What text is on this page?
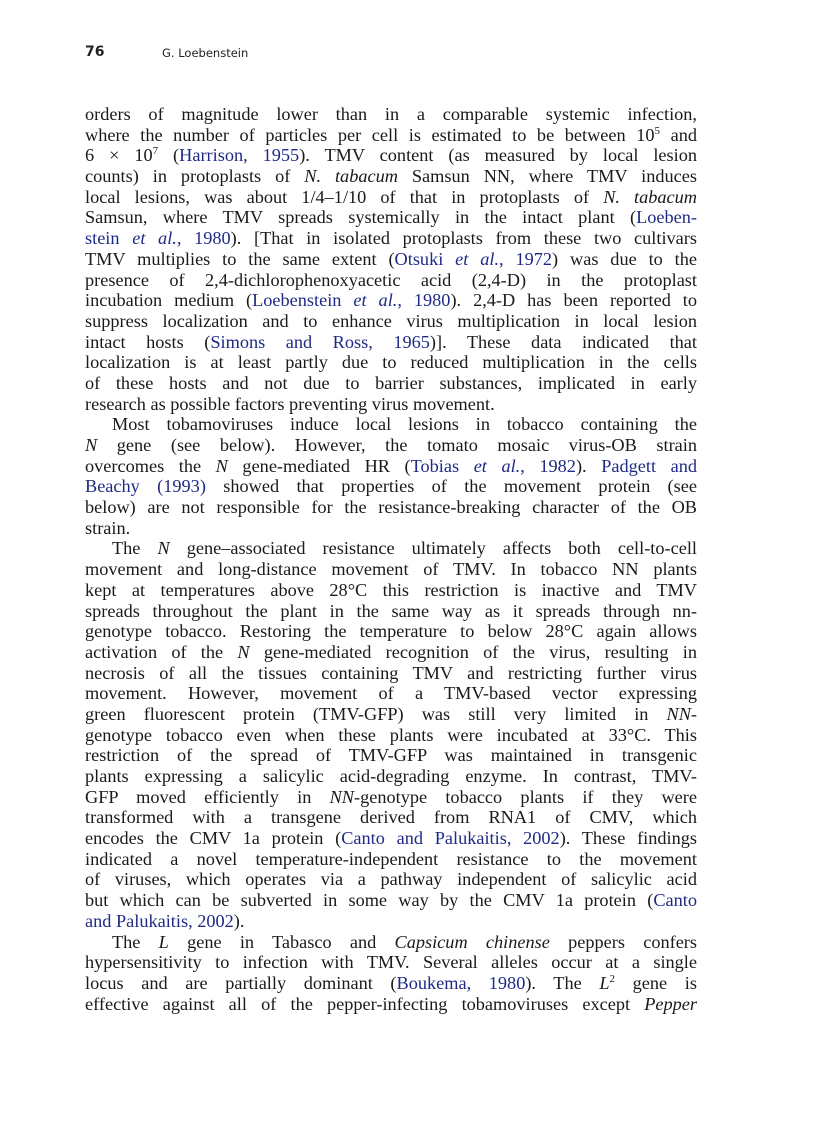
76	G. Loebenstein
orders of magnitude lower than in a comparable systemic infection,
where the number of particles per cell is estimated to be between $10^5$ and
$6 \times 10^7$ (Harrison, 1955). TMV content (as measured by local lesion
counts) in protoplasts of N. tabacum Samsun NN, where TMV induces
local lesions, was about 1/4–1/10 of that in protoplasts of N. tabacum
Samsun, where TMV spreads systemically in the intact plant (Loeben-
stein et al., 1980). [That in isolated protoplasts from these two cultivars
TMV multiplies to the same extent (Otsuki et al., 1972) was due to the
presence of 2,4-dichlorophenoxyacetic acid (2,4-D) in the protoplast
incubation medium (Loebenstein et al., 1980). 2,4-D has been reported to
suppress localization and to enhance virus multiplication in local lesion
intact hosts (Simons and Ross, 1965)]. These data indicated that
localization is at least partly due to reduced multiplication in the cells
of these hosts and not due to barrier substances, implicated in early
research as possible factors preventing virus movement.
Most tobamoviruses induce local lesions in tobacco containing the
N gene (see below). However, the tomato mosaic virus-OB strain
overcomes the N gene-mediated HR (Tobias et al., 1982). Padgett and
Beachy (1993) showed that properties of the movement protein (see
below) are not responsible for the resistance-breaking character of the OB
strain.
The N gene–associated resistance ultimately affects both cell-to-cell
movement and long-distance movement of TMV. In tobacco NN plants
kept at temperatures above 28°C this restriction is inactive and TMV
spreads throughout the plant in the same way as it spreads through nn-
genotype tobacco. Restoring the temperature to below 28°C again allows
activation of the N gene-mediated recognition of the virus, resulting in
necrosis of all the tissues containing TMV and restricting further virus
movement. However, movement of a TMV-based vector expressing
green fluorescent protein (TMV-GFP) was still very limited in NN-
genotype tobacco even when these plants were incubated at 33°C. This
restriction of the spread of TMV-GFP was maintained in transgenic
plants expressing a salicylic acid-degrading enzyme. In contrast, TMV-
GFP moved efficiently in NN-genotype tobacco plants if they were
transformed with a transgene derived from RNA1 of CMV, which
encodes the CMV 1a protein (Canto and Palukaitis, 2002). These findings
indicated a novel temperature-independent resistance to the movement
of viruses, which operates via a pathway independent of salicylic acid
but which can be subverted in some way by the CMV 1a protein (Canto
and Palukaitis, 2002).
The L gene in Tabasco and Capsicum chinense peppers confers
hypersensitivity to infection with TMV. Several alleles occur at a single
locus and are partially dominant (Boukema, 1980). The $L^2$ gene is
effective against all of the pepper-infecting tobamoviruses except Pepper
